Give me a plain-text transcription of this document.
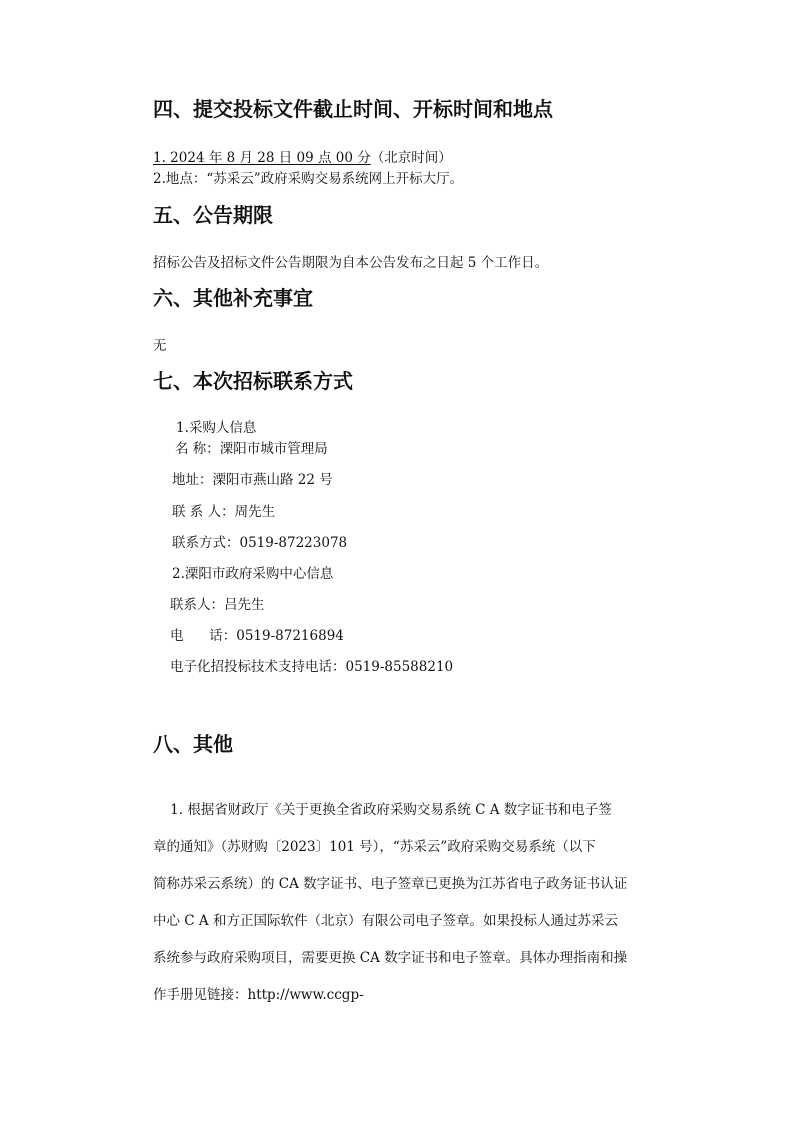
四、提交投标文件截止时间、开标时间和地点
1. 2024 年 8 月 28 日 09 点 00 分（北京时间）
2.地点：“苏采云”政府采购交易系统网上开标大厅。
五、公告期限
招标公告及招标文件公告期限为自本公告发布之日起 5 个工作日。
六、其他补充事宜
无
七、本次招标联系方式
1.采购人信息
名 称：溧阳市城市管理局
地址：溧阳市燕山路 22 号
联 系 人：周先生
联系方式：0519-87223078
2.溧阳市政府采购中心信息
联系人：吕先生
电      话：0519-87216894
电子化招投标技术支持电话：0519-85588210
八、其他

1. 根据省财政厅《关于更换全省政府采购交易系统 C A 数字证书和电子签

章的通知》（苏财购〔2023〕101 号），“苏采云”政府采购交易系统（以下

简称苏采云系统）的 CA 数字证书、电子签章已更换为江苏省电子政务证书认证

中心 C A 和方正国际软件（北京）有限公司电子签章。如果投标人通过苏采云

系统参与政府采购项目，需要更换 CA 数字证书和电子签章。具体办理指南和操

作手册见链接：http://www.ccgp-
